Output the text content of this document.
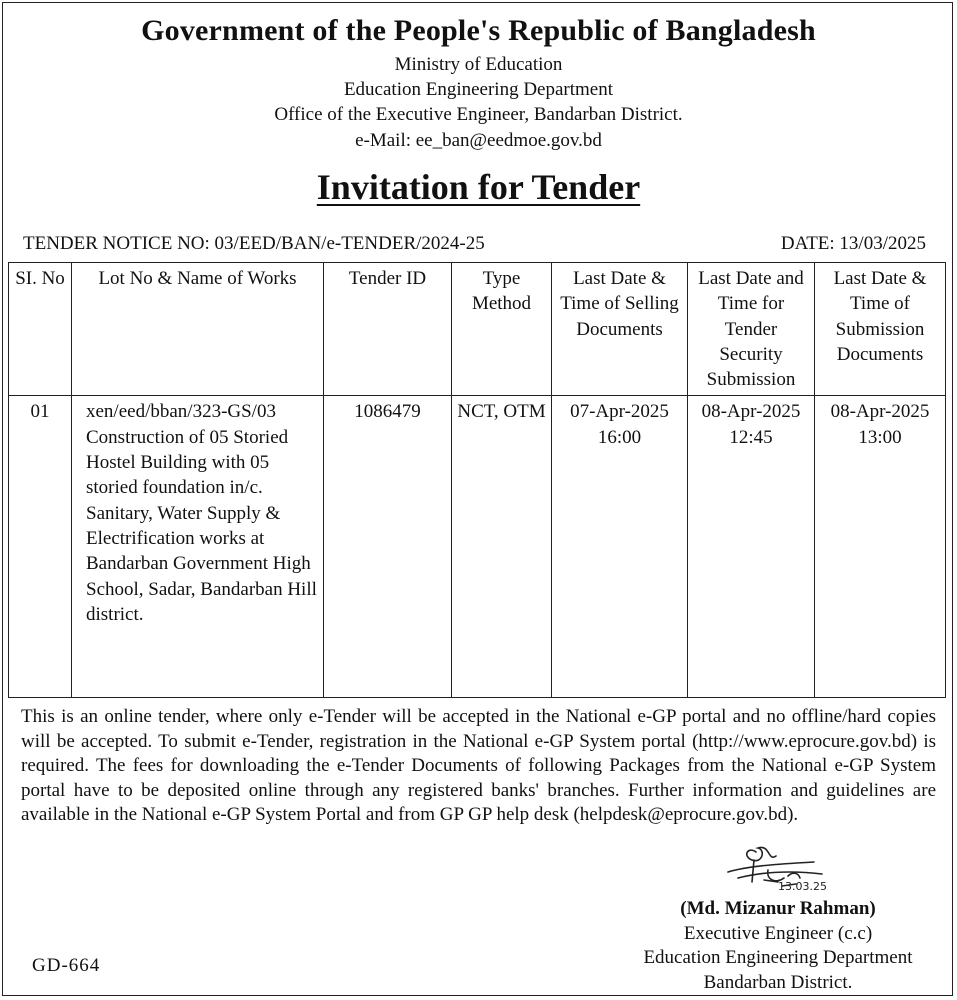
Government of the People's Republic of Bangladesh
Ministry of Education
Education Engineering Department
Office of the Executive Engineer, Bandarban District.
e-Mail: ee_ban@eedmoe.gov.bd
Invitation for Tender
TENDER NOTICE NO: 03/EED/BAN/e-TENDER/2024-25	DATE: 13/03/2025
SI. No	Lot No & Name of Works	Tender ID	Type Method	Last Date & Time of Selling Documents	Last Date and Time for Tender Security Submission	Last Date & Time of Submission Documents
01	xen/eed/bban/323-GS/03 Construction of 05 Storied Hostel Building with 05 storied foundation in/c. Sanitary, Water Supply & Electrification works at Bandarban Government High School, Sadar, Bandarban Hill district.	1086479	NCT, OTM	07-Apr-2025 16:00	08-Apr-2025 12:45	08-Apr-2025 13:00
This is an online tender, where only e-Tender will be accepted in the National e-GP portal and no offline/hard copies will be accepted. To submit e-Tender, registration in the National e-GP System portal (http://www.eprocure.gov.bd) is required. The fees for downloading the e-Tender Documents of following Packages from the National e-GP System portal have to be deposited online through any registered banks' branches. Further information and guidelines are available in the National e-GP System Portal and from GP GP help desk (helpdesk@eprocure.gov.bd).
13.03.25
(Md. Mizanur Rahman)
Executive Engineer (c.c)
Education Engineering Department
Bandarban District.
GD-664
